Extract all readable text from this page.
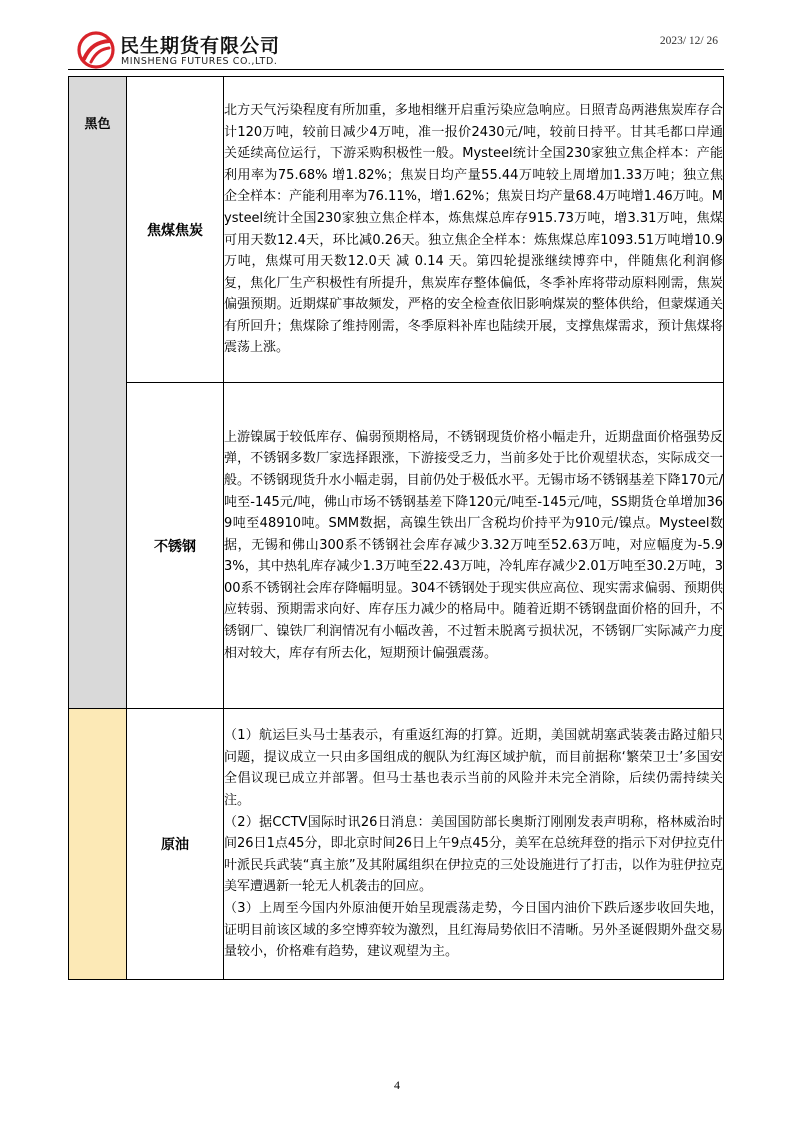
民生期货有限公司
MINSHENG FUTURES CO.,LTD.
2023/ 12/ 26
黑色	焦煤焦炭	北方天气污染程度有所加重，多地相继开启重污染应急响应。日照青岛两港焦炭库存合计120万吨，较前日减少4万吨，准一报价2430元/吨，较前日持平。甘其毛都口岸通关延续高位运行，下游采购积极性一般。Mysteel统计全国230家独立焦企样本：产能利用率为75.68% 增1.82%；焦炭日均产量55.44万吨较上周增加1.33万吨；独立焦企全样本：产能利用率为76.11%，增1.62%；焦炭日均产量68.4万吨增1.46万吨。Mysteel统计全国230家独立焦企样本，炼焦煤总库存915.73万吨，增3.31万吨，焦煤可用天数12.4天，环比减0.26天。独立焦企全样本：炼焦煤总库1093.51万吨增10.9万吨，焦煤可用天数12.0天 减 0.14 天。第四轮提涨继续博弈中，伴随焦化利润修复，焦化厂生产积极性有所提升，焦炭库存整体偏低，冬季补库将带动原料刚需，焦炭偏强预期。近期煤矿事故频发，严格的安全检查依旧影响煤炭的整体供给，但蒙煤通关有所回升；焦煤除了维持刚需，冬季原料补库也陆续开展，支撑焦煤需求，预计焦煤将震荡上涨。
	不锈钢	上游镍属于较低库存、偏弱预期格局，不锈钢现货价格小幅走升，近期盘面价格强势反弹，不锈钢多数厂家选择跟涨，下游接受乏力，当前多处于比价观望状态，实际成交一般。不锈钢现货升水小幅走弱，目前仍处于极低水平。无锡市场不锈钢基差下降170元/吨至-145元/吨，佛山市场不锈钢基差下降120元/吨至-145元/吨，SS期货仓单增加369吨至48910吨。SMM数据，高镍生铁出厂含税均价持平为910元/镍点。Mysteel数据，无锡和佛山300系不锈钢社会库存减少3.32万吨至52.63万吨，对应幅度为-5.93%，其中热轧库存减少1.3万吨至22.43万吨，冷轧库存减少2.01万吨至30.2万吨，300系不锈钢社会库存降幅明显。304不锈钢处于现实供应高位、现实需求偏弱、预期供应转弱、预期需求向好、库存压力减少的格局中。随着近期不锈钢盘面价格的回升，不锈钢厂、镍铁厂利润情况有小幅改善，不过暂未脱离亏损状况，不锈钢厂实际减产力度相对较大，库存有所去化，短期预计偏强震荡。
	原油	（1）航运巨头马士基表示，有重返红海的打算。近期，美国就胡塞武装袭击路过船只问题，提议成立一只由多国组成的舰队为红海区域护航，而目前据称‘繁荣卫士’多国安全倡议现已成立并部署。但马士基也表示当前的风险并未完全消除，后续仍需持续关注。

（2）据CCTV国际时讯26日消息：美国国防部长奥斯汀刚刚发表声明称，格林威治时间26日1点45分，即北京时间26日上午9点45分，美军在总统拜登的指示下对伊拉克什叶派民兵武装“真主旅”及其附属组织在伊拉克的三处设施进行了打击，以作为驻伊拉克美军遭遇新一轮无人机袭击的回应。

（3）上周至今国内外原油便开始呈现震荡走势，今日国内油价下跌后逐步收回失地，证明目前该区域的多空博弈较为激烈，且红海局势依旧不清晰。另外圣诞假期外盘交易量较小，价格难有趋势，建议观望为主。

4
